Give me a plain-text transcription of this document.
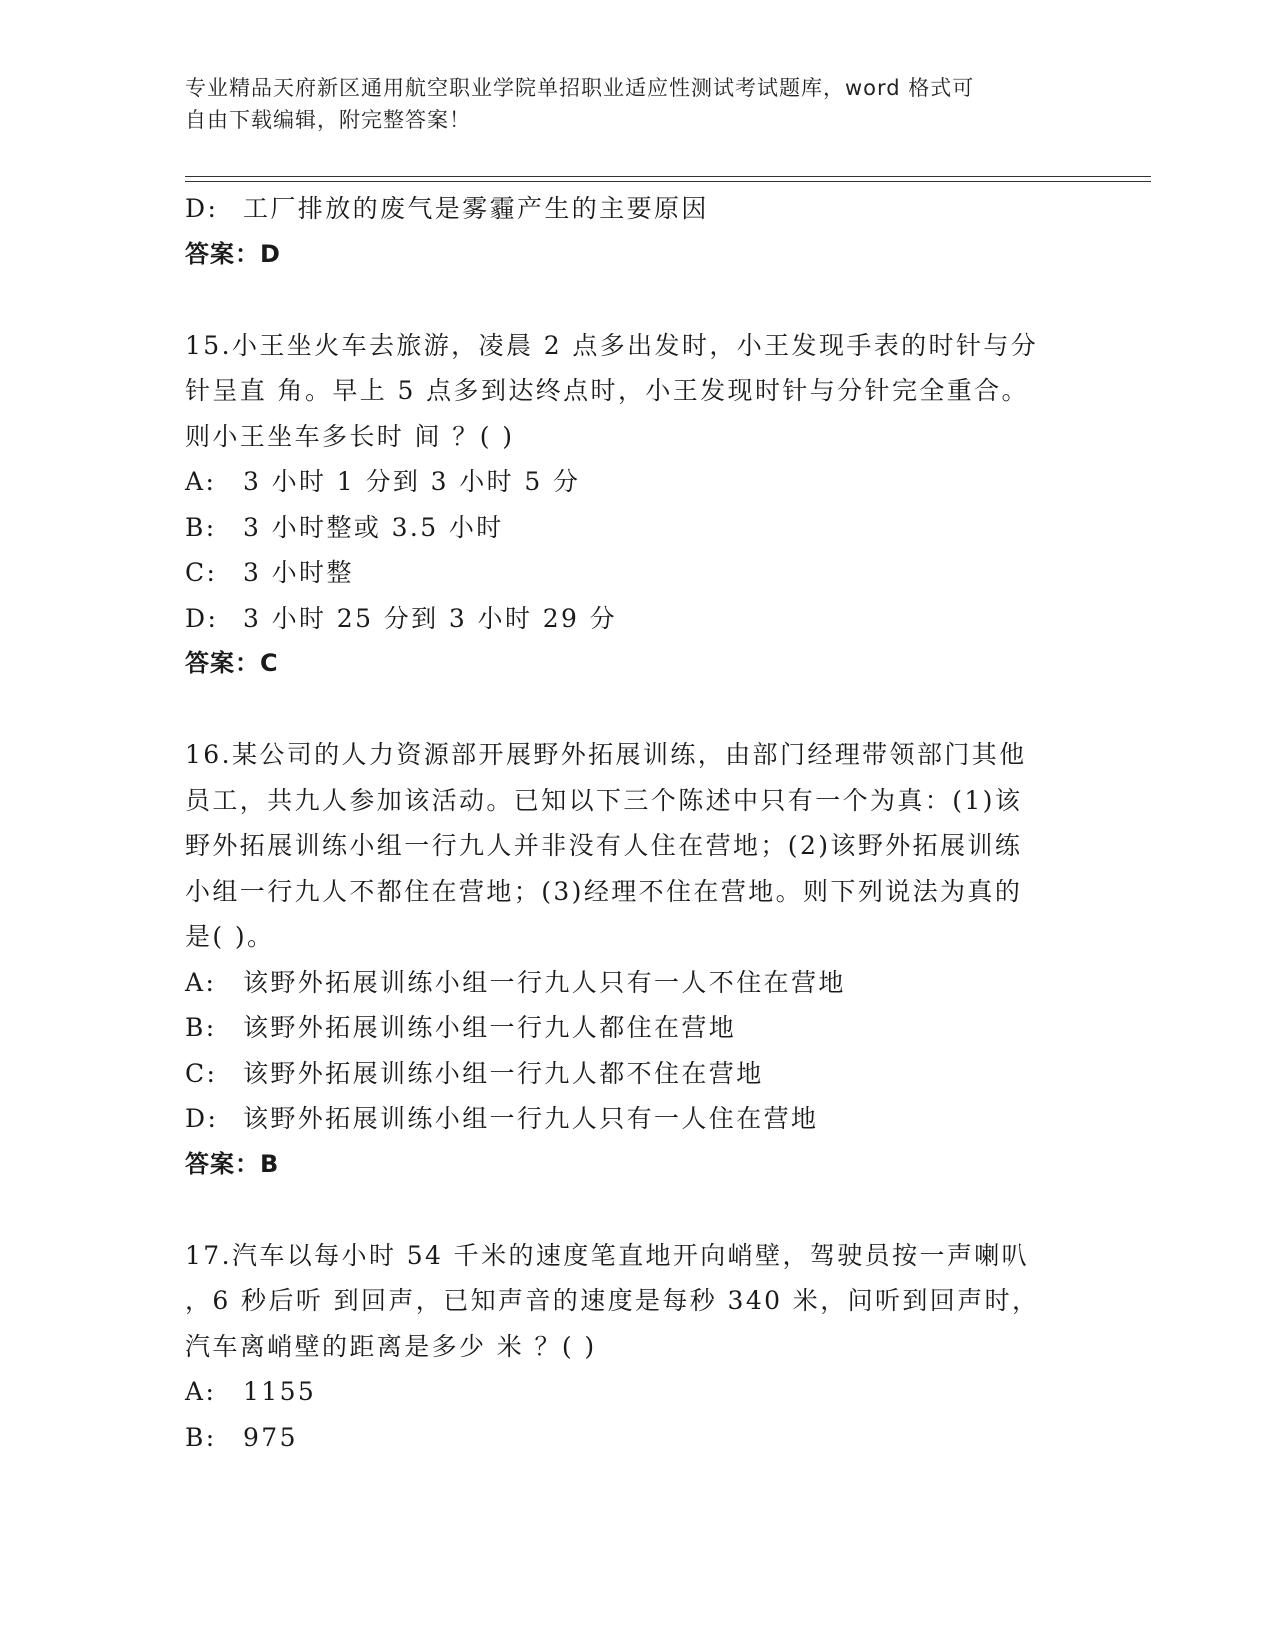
专业精品天府新区通用航空职业学院单招职业适应性测试考试题库，word 格式可
自由下载编辑，附完整答案！
D: 工厂排放的废气是雾霾产生的主要原因
答案：D
15.小王坐火车去旅游，凌晨 2 点多出发时，小王发现手表的时针与分
针呈直 角。早上 5 点多到达终点时，小王发现时针与分针完全重合。
则小王坐车多长时 间 ？( )
A: 3 小时 1 分到 3 小时 5 分
B: 3 小时整或 3.5 小时
C: 3 小时整
D: 3 小时 25 分到 3 小时 29 分
答案：C
16.某公司的人力资源部开展野外拓展训练，由部门经理带领部门其他
员工，共九人参加该活动。已知以下三个陈述中只有一个为真：(1)该
野外拓展训练小组一行九人并非没有人住在营地；(2)该野外拓展训练
小组一行九人不都住在营地；(3)经理不住在营地。则下列说法为真的
是( )。
A: 该野外拓展训练小组一行九人只有一人不住在营地
B: 该野外拓展训练小组一行九人都住在营地
C: 该野外拓展训练小组一行九人都不住在营地
D: 该野外拓展训练小组一行九人只有一人住在营地
答案：B
17.汽车以每小时 54 千米的速度笔直地开向峭壁，驾驶员按一声喇叭
，6 秒后听 到回声，已知声音的速度是每秒 340 米，问听到回声时，
汽车离峭壁的距离是多少 米 ？( )
A: 1155
B: 975
